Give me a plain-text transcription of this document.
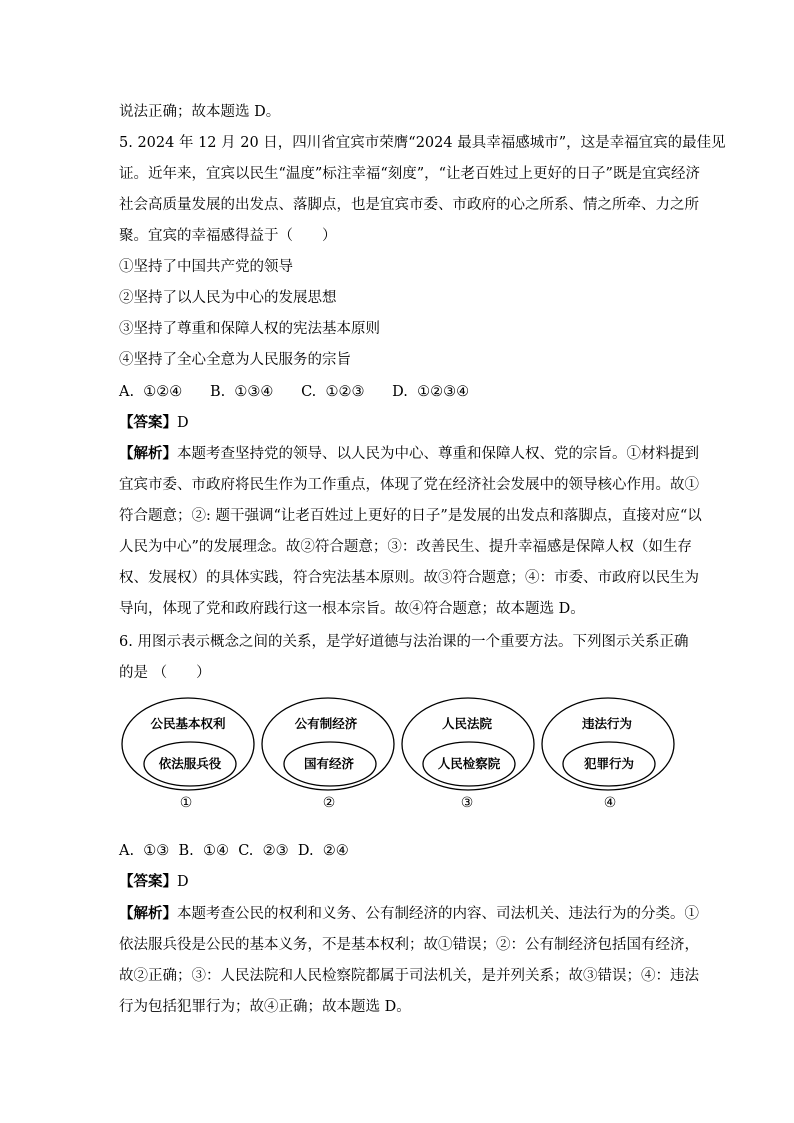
说法正确；故本题选 D。
5. 2024 年 12 月 20 日，四川省宜宾市荣膺“2024 最具幸福感城市”，这是幸福宜宾的最佳见
证。近年来，宜宾以民生“温度”标注幸福“刻度”，“让老百姓过上更好的日子”既是宜宾经济
社会高质量发展的出发点、落脚点，也是宜宾市委、市政府的心之所系、情之所牵、力之所
聚。宜宾的幸福感得益于（　　）
①坚持了中国共产党的领导
②坚持了以人民为中心的发展思想
③坚持了尊重和保障人权的宪法基本原则
④坚持了全心全意为人民服务的宗旨
A.  ①②④      B.  ①③④      C.  ①②③      D.  ①②③④
【答案】D
【解析】本题考查坚持党的领导、以人民为中心、尊重和保障人权、党的宗旨。①材料提到
宜宾市委、市政府将民生作为工作重点，体现了党在经济社会发展中的领导核心作用。故①
符合题意；②: 题干强调“让老百姓过上更好的日子”是发展的出发点和落脚点，直接对应“以
人民为中心”的发展理念。故②符合题意；③：改善民生、提升幸福感是保障人权（如生存
权、发展权）的具体实践，符合宪法基本原则。故③符合题意；④：市委、市政府以民生为
导向，体现了党和政府践行这一根本宗旨。故④符合题意；故本题选 D。
6. 用图示表示概念之间的关系，是学好道德与法治课的一个重要方法。下列图示关系正确
的是 （　　）
公民基本权利
依法服兵役
①
公有制经济
国有经济
②
人民法院
人民检察院
③
违法行为
犯罪行为
④
A.  ①③  B.  ①④  C.  ②③  D.  ②④
【答案】D
【解析】本题考查公民的权利和义务、公有制经济的内容、司法机关、违法行为的分类。①
依法服兵役是公民的基本义务，不是基本权利；故①错误；②：公有制经济包括国有经济，
故②正确；③：人民法院和人民检察院都属于司法机关，是并列关系；故③错误；④：违法
行为包括犯罪行为；故④正确；故本题选 D。
